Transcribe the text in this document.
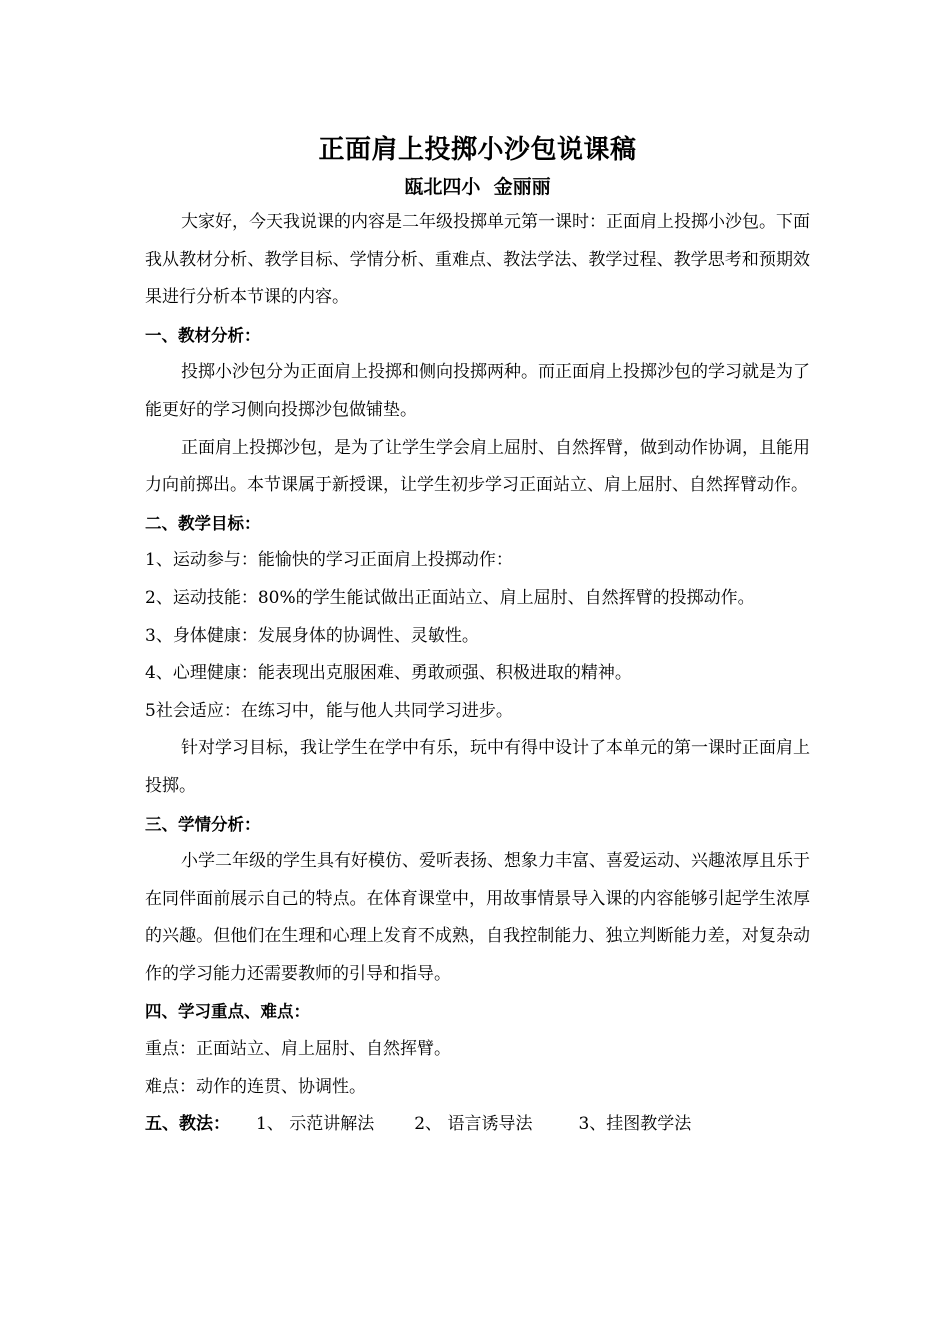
正面肩上投掷小沙包说课稿
瓯北四小  金丽丽

大家好，今天我说课的内容是二年级投掷单元第一课时：正面肩上投掷小沙包。下面我从教材分析、教学目标、学情分析、重难点、教法学法、教学过程、教学思考和预期效果进行分析本节课的内容。

一、教材分析：

投掷小沙包分为正面肩上投掷和侧向投掷两种。而正面肩上投掷沙包的学习就是为了能更好的学习侧向投掷沙包做铺垫。

正面肩上投掷沙包，是为了让学生学会肩上屈肘、自然挥臂，做到动作协调，且能用力向前掷出。本节课属于新授课，让学生初步学习正面站立、肩上屈肘、自然挥臂动作。

二、教学目标：

1、运动参与：能愉快的学习正面肩上投掷动作：

2、运动技能：80%的学生能试做出正面站立、肩上屈肘、自然挥臂的投掷动作。

3、身体健康：发展身体的协调性、灵敏性。

4、心理健康：能表现出克服困难、勇敢顽强、积极进取的精神。

5社会适应：在练习中，能与他人共同学习进步。

针对学习目标，我让学生在学中有乐，玩中有得中设计了本单元的第一课时正面肩上投掷。

三、学情分析：

小学二年级的学生具有好模仿、爱听表扬、想象力丰富、喜爱运动、兴趣浓厚且乐于在同伴面前展示自己的特点。在体育课堂中，用故事情景导入课的内容能够引起学生浓厚的兴趣。但他们在生理和心理上发育不成熟，自我控制能力、独立判断能力差，对复杂动作的学习能力还需要教师的引导和指导。

四、学习重点、难点：

重点：正面站立、肩上屈肘、自然挥臂。

难点：动作的连贯、协调性。

五、教法： 1、 示范讲解法 2、 语言诱导法	3、挂图教学法
